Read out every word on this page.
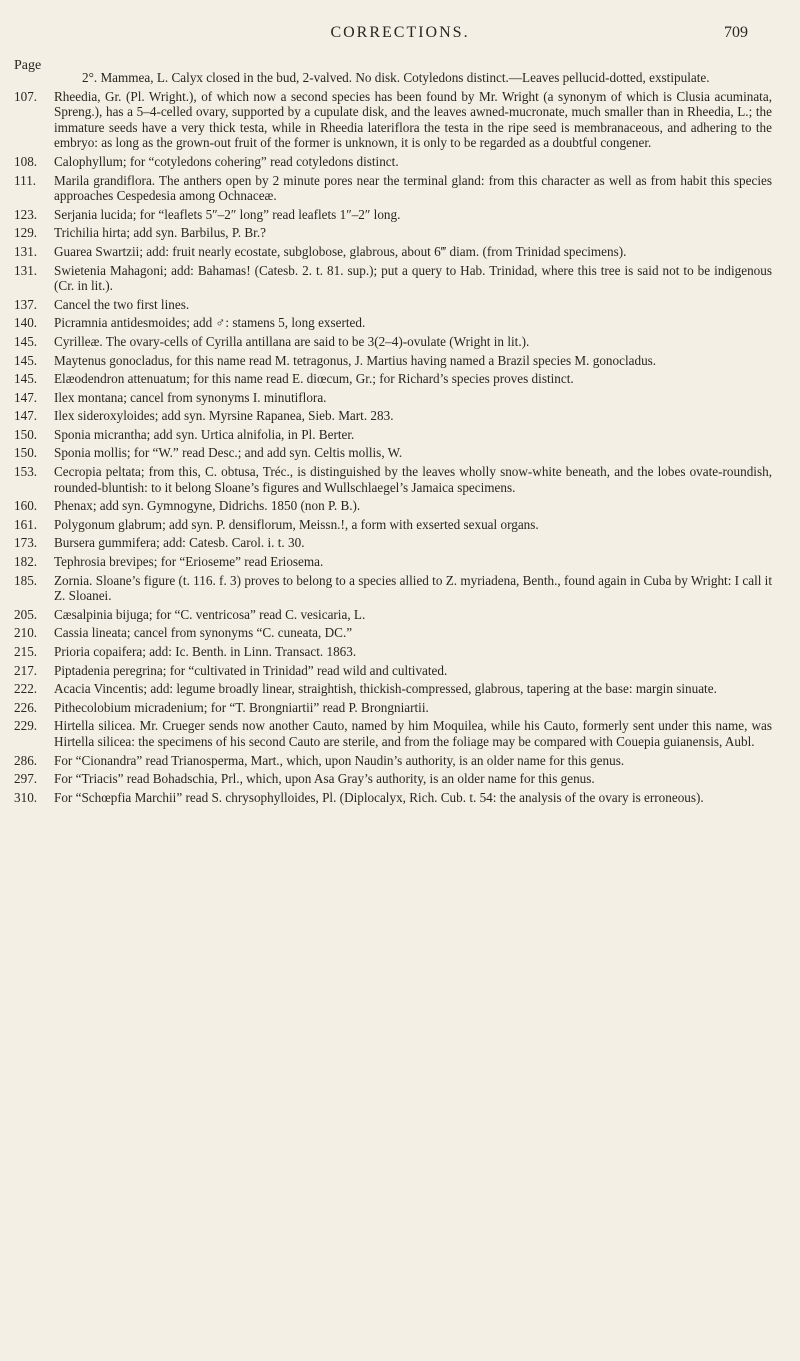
CORRECTIONS.	709
Page
2°. Mammea, L. Calyx closed in the bud, 2-valved. No disk. Cotyledons distinct.—Leaves pellucid-dotted, exstipulate.
107.	Rheedia, Gr. (Pl. Wright.), of which now a second species has been found by Mr. Wright (a synonym of which is Clusia acuminata, Spreng.), has a 5–4-celled ovary, supported by a cupulate disk, and the leaves awned-mucronate, much smaller than in Rheedia, L.; the immature seeds have a very thick testa, while in Rheedia lateriflora the testa in the ripe seed is membranaceous, and adhering to the embryo: as long as the grown-out fruit of the former is unknown, it is only to be regarded as a doubtful congener.
108.	Calophyllum; for “cotyledons cohering” read cotyledons distinct.
111.	Marila grandiflora. The anthers open by 2 minute pores near the terminal gland: from this character as well as from habit this species approaches Cespedesia among Ochnaceæ.
123.	Serjania lucida; for “leaflets 5″–2″ long” read leaflets 1″–2″ long.
129.	Trichilia hirta; add syn. Barbilus, P. Br.?
131.	Guarea Swartzii; add: fruit nearly ecostate, subglobose, glabrous, about 6‴ diam. (from Trinidad specimens).
131.	Swietenia Mahagoni; add: Bahamas! (Catesb. 2. t. 81. sup.); put a query to Hab. Trinidad, where this tree is said not to be indigenous (Cr. in lit.).
137.	Cancel the two first lines.
140.	Picramnia antidesmoides; add ♂: stamens 5, long exserted.
145.	Cyrilleæ. The ovary-cells of Cyrilla antillana are said to be 3(2–4)-ovulate (Wright in lit.).
145.	Maytenus gonocladus, for this name read M. tetragonus, J. Martius having named a Brazil species M. gonocladus.
145.	Elæodendron attenuatum; for this name read E. diœcum, Gr.; for Richard’s species proves distinct.
147.	Ilex montana; cancel from synonyms I. minutiflora.
147.	Ilex sideroxyloides; add syn. Myrsine Rapanea, Sieb. Mart. 283.
150.	Sponia micrantha; add syn. Urtica alnifolia, in Pl. Berter.
150.	Sponia mollis; for “W.” read Desc.; and add syn. Celtis mollis, W.
153.	Cecropia peltata; from this, C. obtusa, Tréc., is distinguished by the leaves wholly snow-white beneath, and the lobes ovate-roundish, rounded-bluntish: to it belong Sloane’s figures and Wullschlaegel’s Jamaica specimens.
160.	Phenax; add syn. Gymnogyne, Didrichs. 1850 (non P. B.).
161.	Polygonum glabrum; add syn. P. densiflorum, Meissn.!, a form with exserted sexual organs.
173.	Bursera gummifera; add: Catesb. Carol. i. t. 30.
182.	Tephrosia brevipes; for “Erioseme” read Eriosema.
185.	Zornia. Sloane’s figure (t. 116. f. 3) proves to belong to a species allied to Z. myriadena, Benth., found again in Cuba by Wright: I call it Z. Sloanei.
205.	Cæsalpinia bijuga; for “C. ventricosa” read C. vesicaria, L.
210.	Cassia lineata; cancel from synonyms “C. cuneata, DC.”
215.	Prioria copaifera; add: Ic. Benth. in Linn. Transact. 1863.
217.	Piptadenia peregrina; for “cultivated in Trinidad” read wild and cultivated.
222.	Acacia Vincentis; add: legume broadly linear, straightish, thickish-compressed, glabrous, tapering at the base: margin sinuate.
226.	Pithecolobium micradenium; for “T. Brongniartii” read P. Brongniartii.
229.	Hirtella silicea. Mr. Crueger sends now another Cauto, named by him Moquilea, while his Cauto, formerly sent under this name, was Hirtella silicea: the specimens of his second Cauto are sterile, and from the foliage may be compared with Couepia guianensis, Aubl.
286.	For “Cionandra” read Trianosperma, Mart., which, upon Naudin’s authority, is an older name for this genus.
297.	For “Triacis” read Bohadschia, Prl., which, upon Asa Gray’s authority, is an older name for this genus.
310.	For “Schœpfia Marchii” read S. chrysophylloides, Pl. (Diplocalyx, Rich. Cub. t. 54: the analysis of the ovary is erroneous).
